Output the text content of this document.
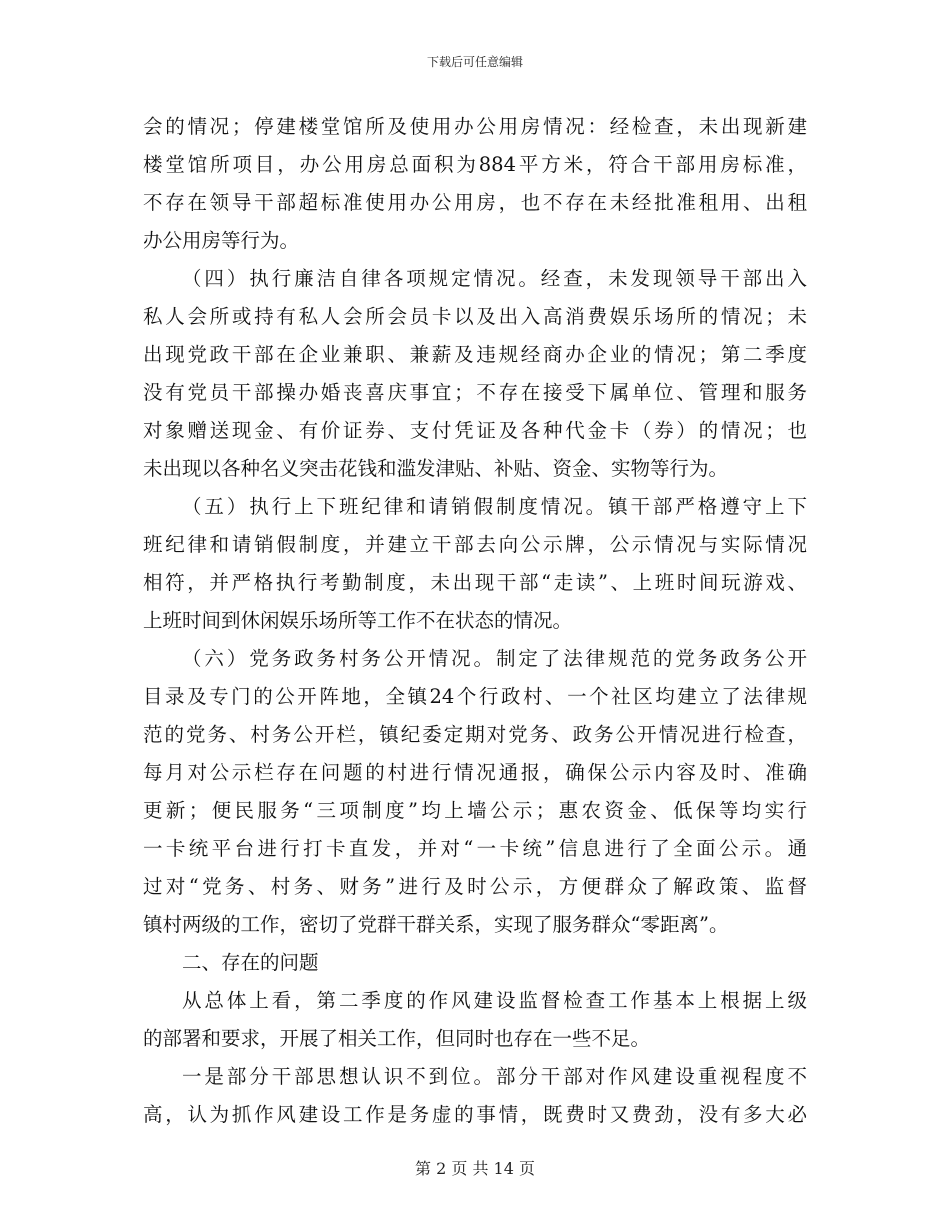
下载后可任意编辑
会的情况；停建楼堂馆所及使用办公用房情况：经检查，未出现新建
楼堂馆所项目，办公用房总面积为884平方米，符合干部用房标准，
不存在领导干部超标准使用办公用房，也不存在未经批准租用、出租
办公用房等行为。
（四）执行廉洁自律各项规定情况。经查，未发现领导干部出入
私人会所或持有私人会所会员卡以及出入高消费娱乐场所的情况；未
出现党政干部在企业兼职、兼薪及违规经商办企业的情况；第二季度
没有党员干部操办婚丧喜庆事宜；不存在接受下属单位、管理和服务
对象赠送现金、有价证券、支付凭证及各种代金卡（券）的情况；也
未出现以各种名义突击花钱和滥发津贴、补贴、资金、实物等行为。
（五）执行上下班纪律和请销假制度情况。镇干部严格遵守上下
班纪律和请销假制度，并建立干部去向公示牌，公示情况与实际情况
相符，并严格执行考勤制度，未出现干部“走读”、上班时间玩游戏、
上班时间到休闲娱乐场所等工作不在状态的情况。
（六）党务政务村务公开情况。制定了法律规范的党务政务公开
目录及专门的公开阵地，全镇24个行政村、一个社区均建立了法律规
范的党务、村务公开栏，镇纪委定期对党务、政务公开情况进行检查，
每月对公示栏存在问题的村进行情况通报，确保公示内容及时、准确
更新；便民服务“三项制度”均上墙公示；惠农资金、低保等均实行
一卡统平台进行打卡直发，并对“一卡统”信息进行了全面公示。通
过对“党务、村务、财务”进行及时公示，方便群众了解政策、监督
镇村两级的工作，密切了党群干群关系，实现了服务群众“零距离”。
二、存在的问题
从总体上看，第二季度的作风建设监督检查工作基本上根据上级
的部署和要求，开展了相关工作，但同时也存在一些不足。
一是部分干部思想认识不到位。部分干部对作风建设重视程度不
高，认为抓作风建设工作是务虚的事情，既费时又费劲，没有多大必
第 2 页 共 14 页
